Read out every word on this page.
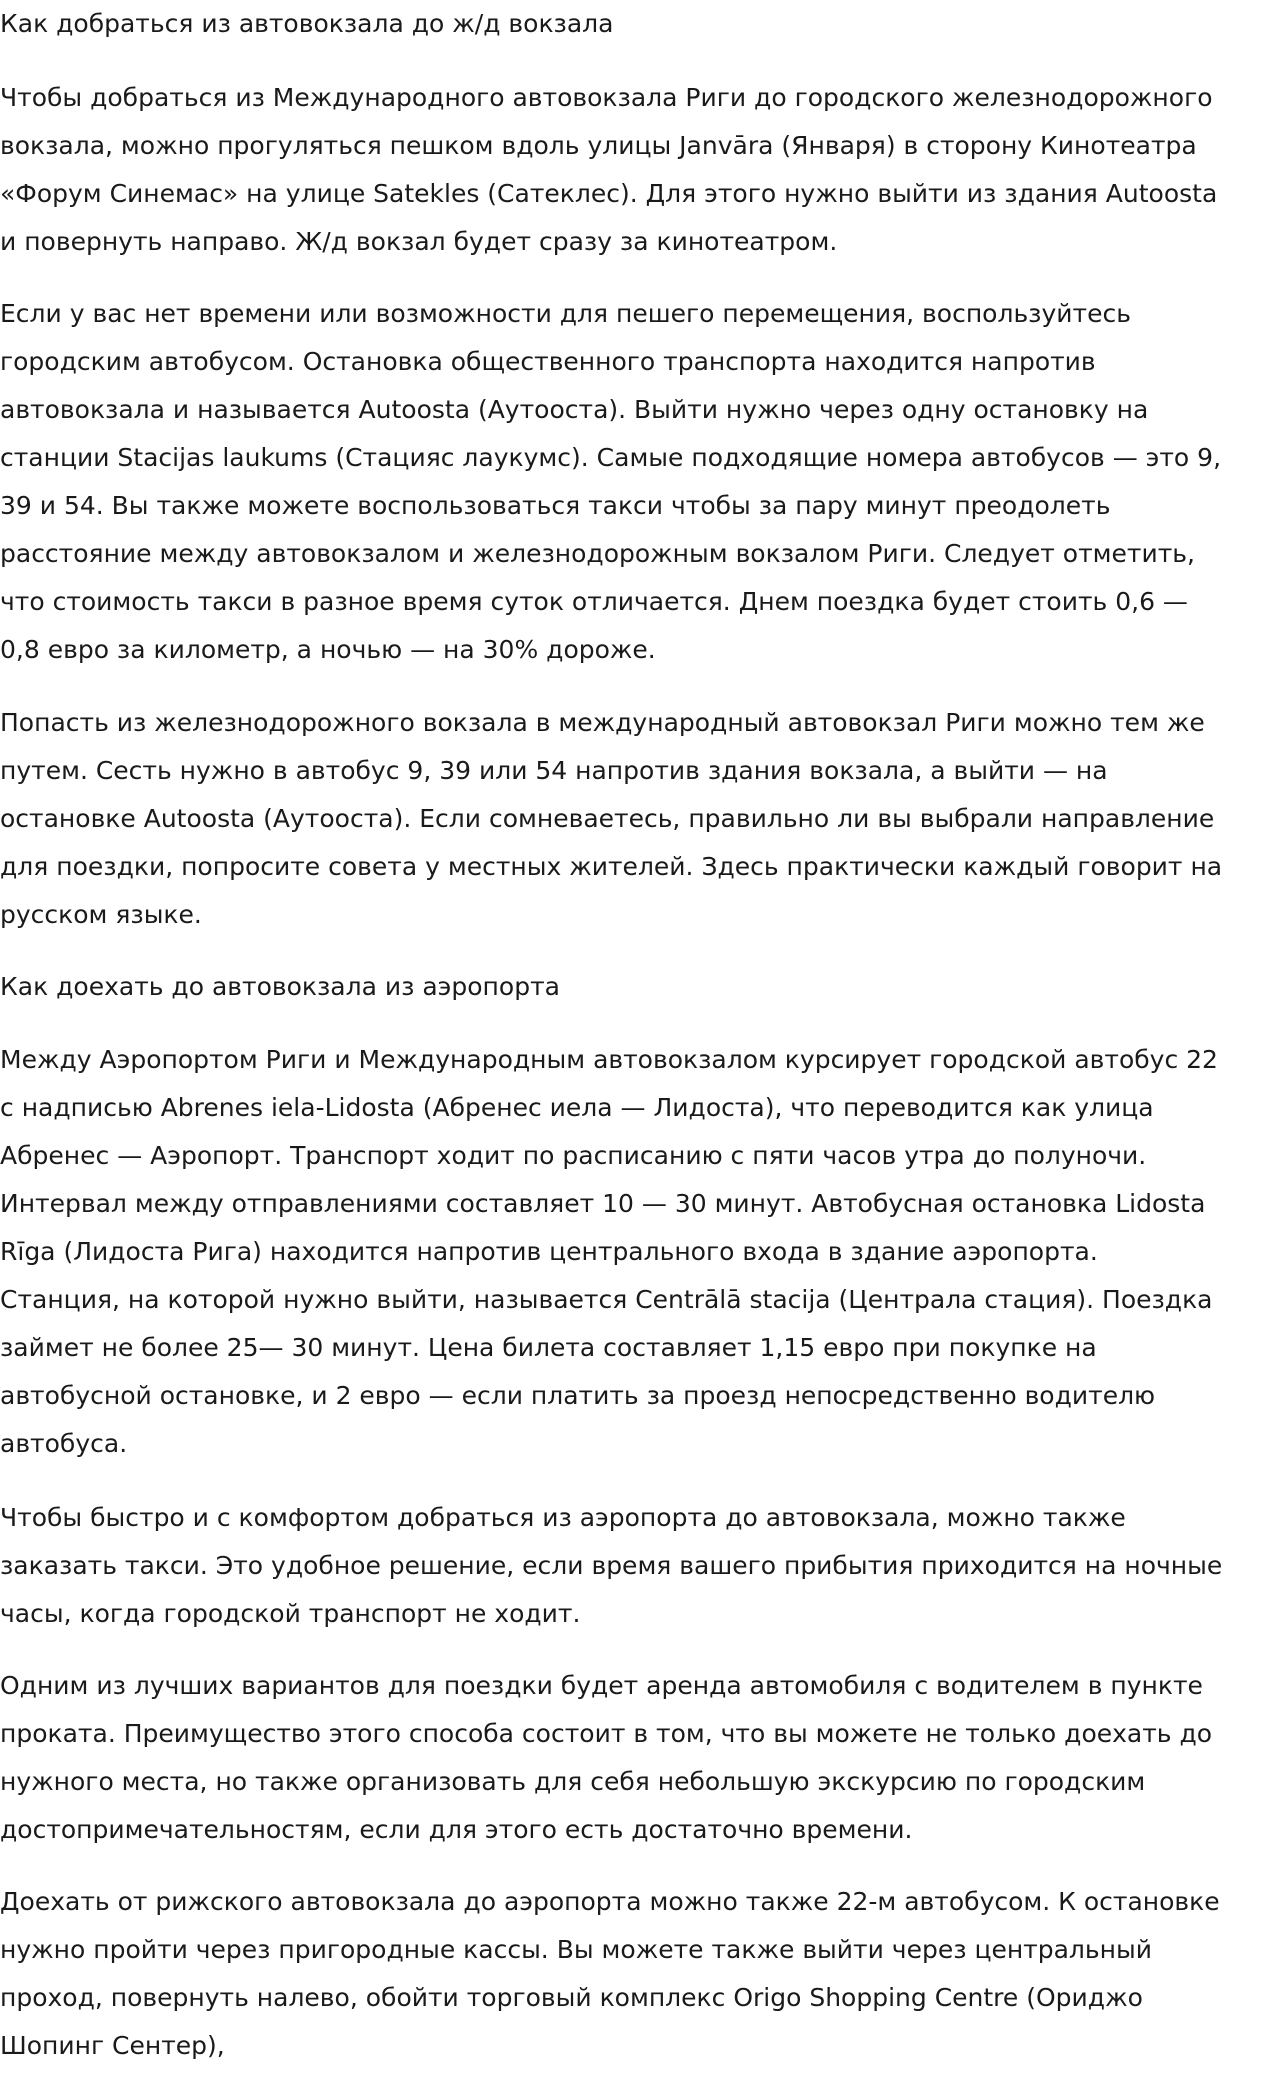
Как добраться из автовокзала до ж/д вокзала

Чтобы добраться из Международного автовокзала Риги до городского железнодорожного
вокзала, можно прогуляться пешком вдоль улицы Janvāra (Января) в сторону Кинотеатра
«Форум Синемас» на улице Satekles (Сатеклес). Для этого нужно выйти из здания Autoosta
и повернуть направо. Ж/д вокзал будет сразу за кинотеатром.

Если у вас нет времени или возможности для пешего перемещения, воспользуйтесь
городским автобусом. Остановка общественного транспорта находится напротив
автовокзала и называется Autoosta (Аутооста). Выйти нужно через одну остановку на
станции Stacijas laukums (Стацияс лаукумс). Самые подходящие номера автобусов — это 9,
39 и 54. Вы также можете воспользоваться такси чтобы за пару минут преодолеть
расстояние между автовокзалом и железнодорожным вокзалом Риги. Следует отметить,
что стоимость такси в разное время суток отличается. Днем поездка будет стоить 0,6 —
0,8 евро за километр, а ночью — на 30% дороже.

Попасть из железнодорожного вокзала в международный автовокзал Риги можно тем же
путем. Сесть нужно в автобус 9, 39 или 54 напротив здания вокзала, а выйти — на
остановке Autoosta (Аутооста). Если сомневаетесь, правильно ли вы выбрали направление
для поездки, попросите совета у местных жителей. Здесь практически каждый говорит на
русском языке.

Как доехать до автовокзала из аэропорта

Между Аэропортом Риги и Международным автовокзалом курсирует городской автобус 22
с надписью Abrenes iela-Lidosta (Абренес иела — Лидоста), что переводится как улица
Абренес — Аэропорт. Транспорт ходит по расписанию с пяти часов утра до полуночи.
Интервал между отправлениями составляет 10 — 30 минут. Автобусная остановка Lidosta
Rīga (Лидоста Рига) находится напротив центрального входа в здание аэропорта.
Станция, на которой нужно выйти, называется Centrālā stacija (Централа стация). Поездка
займет не более 25— 30 минут. Цена билета составляет 1,15 евро при покупке на
автобусной остановке, и 2 евро — если платить за проезд непосредственно водителю
автобуса.

Чтобы быстро и с комфортом добраться из аэропорта до автовокзала, можно также
заказать такси. Это удобное решение, если время вашего прибытия приходится на ночные
часы, когда городской транспорт не ходит.

Одним из лучших вариантов для поездки будет аренда автомобиля с водителем в пункте
проката. Преимущество этого способа состоит в том, что вы можете не только доехать до
нужного места, но также организовать для себя небольшую экскурсию по городским
достопримечательностям, если для этого есть достаточно времени.

Доехать от рижского автовокзала до аэропорта можно также 22-м автобусом. К остановке
нужно пройти через пригородные кассы. Вы можете также выйти через центральный
проход, повернуть налево, обойти торговый комплекс Origo Shopping Centre (Ориджо
Шопинг Сентер),
